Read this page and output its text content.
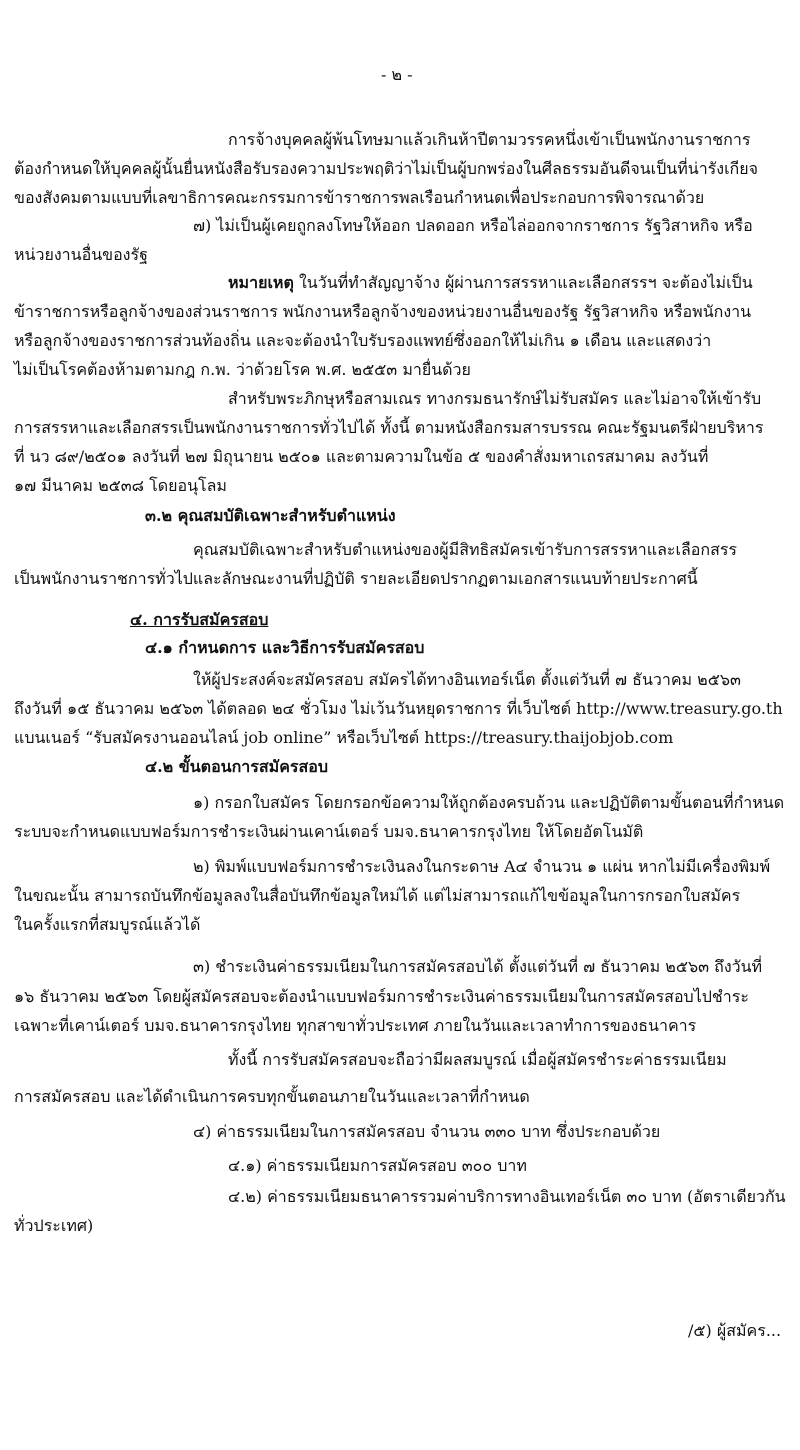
- ๒ -
การจ้างบุคคลผู้พ้นโทษมาแล้วเกินห้าปีตามวรรคหนึ่งเข้าเป็นพนักงานราชการ
ต้องกำหนดให้บุคคลผู้นั้นยื่นหนังสือรับรองความประพฤติว่าไม่เป็นผู้บกพร่องในศีลธรรมอันดีจนเป็นที่น่ารังเกียจ
ของสังคมตามแบบที่เลขาธิการคณะกรรมการข้าราชการพลเรือนกำหนดเพื่อประกอบการพิจารณาด้วย
๗) ไม่เป็นผู้เคยถูกลงโทษให้ออก ปลดออก หรือไล่ออกจากราชการ รัฐวิสาหกิจ หรือ
หน่วยงานอื่นของรัฐ
หมายเหตุ ในวันที่ทำสัญญาจ้าง ผู้ผ่านการสรรหาและเลือกสรรฯ จะต้องไม่เป็น
ข้าราชการหรือลูกจ้างของส่วนราชการ พนักงานหรือลูกจ้างของหน่วยงานอื่นของรัฐ รัฐวิสาหกิจ หรือพนักงาน
หรือลูกจ้างของราชการส่วนท้องถิ่น และจะต้องนำใบรับรองแพทย์ซึ่งออกให้ไม่เกิน ๑ เดือน และแสดงว่า
ไม่เป็นโรคต้องห้ามตามกฎ ก.พ. ว่าด้วยโรค พ.ศ. ๒๕๕๓ มายื่นด้วย
สำหรับพระภิกษุหรือสามเณร ทางกรมธนารักษ์ไม่รับสมัคร และไม่อาจให้เข้ารับ
การสรรหาและเลือกสรรเป็นพนักงานราชการทั่วไปได้ ทั้งนี้ ตามหนังสือกรมสารบรรณ คณะรัฐมนตรีฝ่ายบริหาร
ที่ นว ๘๙/๒๕๐๑ ลงวันที่ ๒๗ มิถุนายน ๒๕๐๑ และตามความในข้อ ๕ ของคำสั่งมหาเถรสมาคม ลงวันที่
๑๗ มีนาคม ๒๕๓๘ โดยอนุโลม
๓.๒ คุณสมบัติเฉพาะสำหรับตำแหน่ง
คุณสมบัติเฉพาะสำหรับตำแหน่งของผู้มีสิทธิสมัครเข้ารับการสรรหาและเลือกสรร
เป็นพนักงานราชการทั่วไปและลักษณะงานที่ปฏิบัติ รายละเอียดปรากฏตามเอกสารแนบท้ายประกาศนี้
๔. การรับสมัครสอบ
๔.๑ กำหนดการ และวิธีการรับสมัครสอบ
ให้ผู้ประสงค์จะสมัครสอบ สมัครได้ทางอินเทอร์เน็ต ตั้งแต่วันที่ ๗ ธันวาคม ๒๕๖๓
ถึงวันที่ ๑๕ ธันวาคม ๒๕๖๓ ได้ตลอด ๒๔ ชั่วโมง ไม่เว้นวันหยุดราชการ ที่เว็บไซต์ http://www.treasury.go.th
แบนเนอร์ “รับสมัครงานออนไลน์ job online” หรือเว็บไซต์ https://treasury.thaijobjob.com
๔.๒ ขั้นตอนการสมัครสอบ
๑) กรอกใบสมัคร โดยกรอกข้อความให้ถูกต้องครบถ้วน และปฏิบัติตามขั้นตอนที่กำหนด
ระบบจะกำหนดแบบฟอร์มการชำระเงินผ่านเคาน์เตอร์ บมจ.ธนาคารกรุงไทย ให้โดยอัตโนมัติ
๒) พิมพ์แบบฟอร์มการชำระเงินลงในกระดาษ A๔ จำนวน ๑ แผ่น หากไม่มีเครื่องพิมพ์
ในขณะนั้น สามารถบันทึกข้อมูลลงในสื่อบันทึกข้อมูลใหม่ได้ แต่ไม่สามารถแก้ไขข้อมูลในการกรอกใบสมัคร
ในครั้งแรกที่สมบูรณ์แล้วได้
๓) ชำระเงินค่าธรรมเนียมในการสมัครสอบได้ ตั้งแต่วันที่ ๗ ธันวาคม ๒๕๖๓ ถึงวันที่
๑๖ ธันวาคม ๒๕๖๓ โดยผู้สมัครสอบจะต้องนำแบบฟอร์มการชำระเงินค่าธรรมเนียมในการสมัครสอบไปชำระ
เฉพาะที่เคาน์เตอร์ บมจ.ธนาคารกรุงไทย ทุกสาขาทั่วประเทศ ภายในวันและเวลาทำการของธนาคาร
ทั้งนี้ การรับสมัครสอบจะถือว่ามีผลสมบูรณ์ เมื่อผู้สมัครชำระค่าธรรมเนียม
การสมัครสอบ และได้ดำเนินการครบทุกขั้นตอนภายในวันและเวลาที่กำหนด
๔) ค่าธรรมเนียมในการสมัครสอบ จำนวน ๓๓๐ บาท ซึ่งประกอบด้วย
๔.๑) ค่าธรรมเนียมการสมัครสอบ ๓๐๐ บาท
๔.๒) ค่าธรรมเนียมธนาคารรวมค่าบริการทางอินเทอร์เน็ต ๓๐ บาท (อัตราเดียวกัน
ทั่วประเทศ)
/๕) ผู้สมัคร...
